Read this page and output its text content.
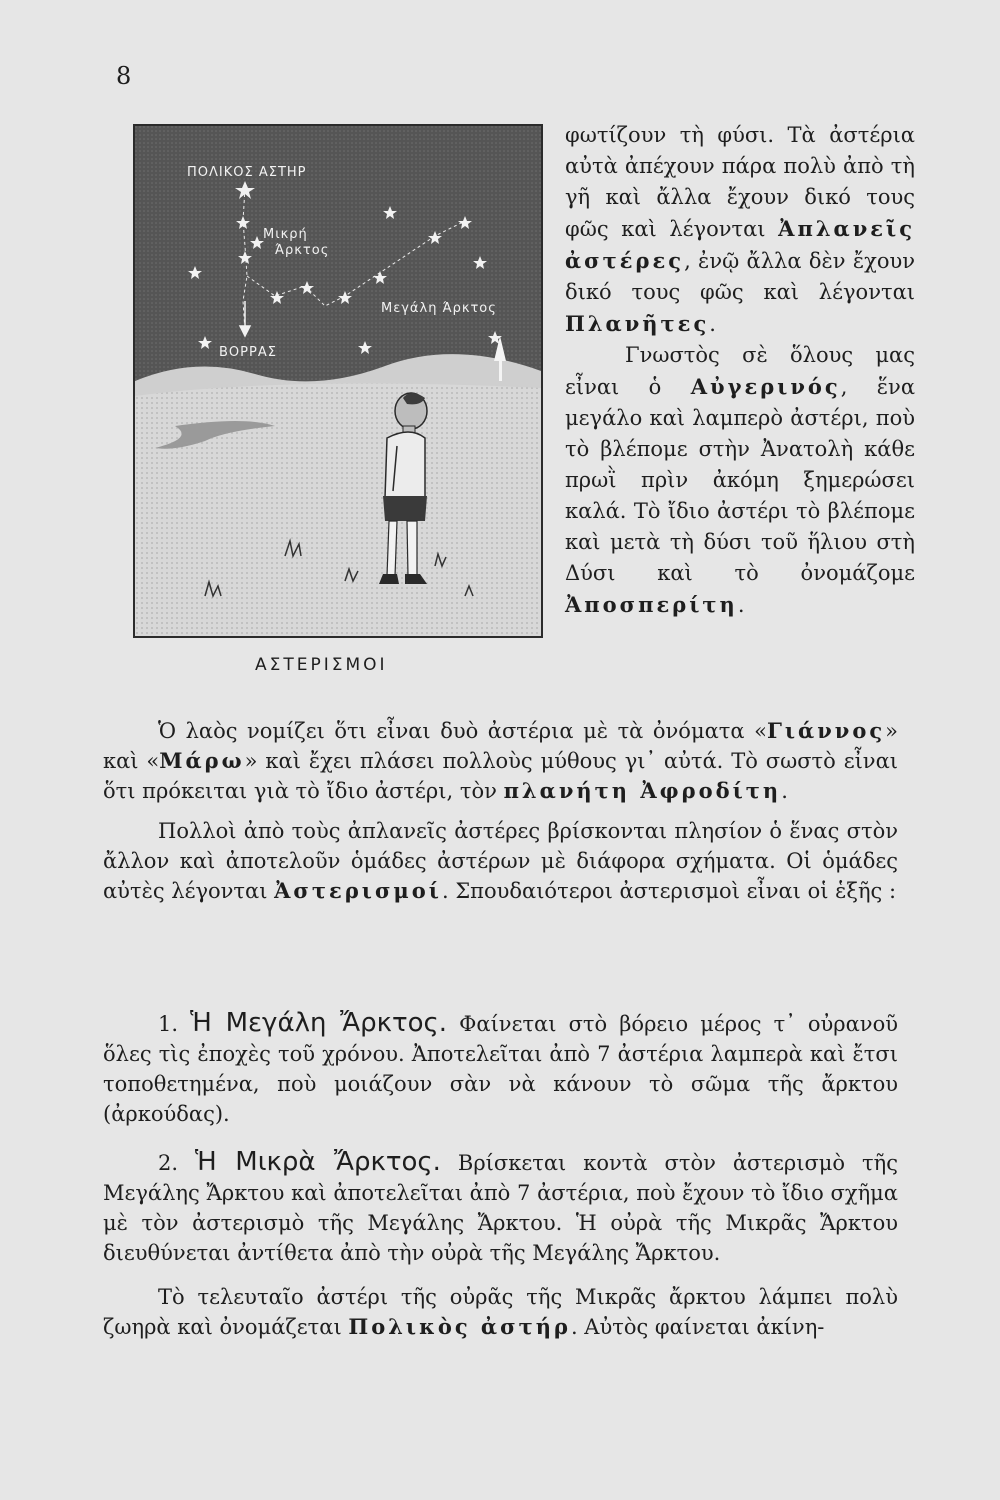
8
ΠΟΛΙΚΟΣ ΑΣΤΗΡ
Μικρή
Άρκτος
Μεγάλη Άρκτος
ΒΟΡΡΑΣ
ΑΣΤΕΡΙΣΜΟΙ

φωτίζουν τὴ φύσι. Τὰ ἀστέρια αὐτὰ ἀπέχουν πάρα πολὺ ἀπὸ τὴ γῆ καὶ ἄλλα ἔχουν δικό τους φῶς καὶ λέγονται Ἀπλανεῖς ἀστέρες, ἐνῷ ἄλλα δὲν ἔχουν δικό τους φῶς καὶ λέγονται Πλανῆτες.

Γνωστὸς σὲ ὅλους μας εἶναι ὁ Αὐγερινός, ἕνα μεγάλο καὶ λαμπερὸ ἀστέρι, ποὺ τὸ βλέπομε στὴν Ἀνατολὴ κάθε πρωῒ πρὶν ἀκόμη ξημερώσει καλά. Τὸ ἴδιο ἀστέρι τὸ βλέπομε καὶ μετὰ τὴ δύσι τοῦ ἥλιου στὴ Δύσι καὶ τὸ ὀνομάζομε Ἀποσπερίτη.

Ὁ λαὸς νομίζει ὅτι εἶναι δυὸ ἀστέρια μὲ τὰ ὀνόματα «Γιάννος» καὶ «Μάρω» καὶ ἔχει πλάσει πολλοὺς μύθους γι᾿ αὐτά. Τὸ σωστὸ εἶναι ὅτι πρόκειται γιὰ τὸ ἴδιο ἀστέρι, τὸν πλανήτη Ἀφροδίτη.

Πολλοὶ ἀπὸ τοὺς ἀπλανεῖς ἀστέρες βρίσκονται πλησίον ὁ ἕνας στὸν ἄλλον καὶ ἀποτελοῦν ὁμάδες ἀστέρων μὲ διάφορα σχήματα. Οἱ ὁμάδες αὐτὲς λέγονται Ἀστερισμοί. Σπουδαιότεροι ἀστερισμοὶ εἶναι οἱ ἑξῆς :

1. Ἡ Μεγάλη Ἄρκτος. Φαίνεται στὸ βόρειο μέρος τ᾿ οὐρανοῦ ὅλες τὶς ἐποχὲς τοῦ χρόνου. Ἀποτελεῖται ἀπὸ 7 ἀστέρια λαμπερὰ καὶ ἔτσι τοποθετημένα, ποὺ μοιάζουν σὰν νὰ κάνουν τὸ σῶμα τῆς ἄρκτου (ἀρκούδας).

2. Ἡ Μικρὰ Ἄρκτος. Βρίσκεται κοντὰ στὸν ἀστερισμὸ τῆς Μεγάλης Ἄρκτου καὶ ἀποτελεῖται ἀπὸ 7 ἀστέρια, ποὺ ἔχουν τὸ ἴδιο σχῆμα μὲ τὸν ἀστερισμὸ τῆς Μεγάλης Ἄρκτου. Ἡ οὐρὰ τῆς Μικρᾶς Ἄρκτου διευθύνεται ἀντίθετα ἀπὸ τὴν οὐρὰ τῆς Μεγάλης Ἄρκτου.

Τὸ τελευταῖο ἀστέρι τῆς οὐρᾶς τῆς Μικρᾶς ἄρκτου λάμπει πολὺ ζωηρὰ καὶ ὀνομάζεται Πολικὸς ἀστήρ. Αὐτὸς φαίνεται ἀκίνη-
